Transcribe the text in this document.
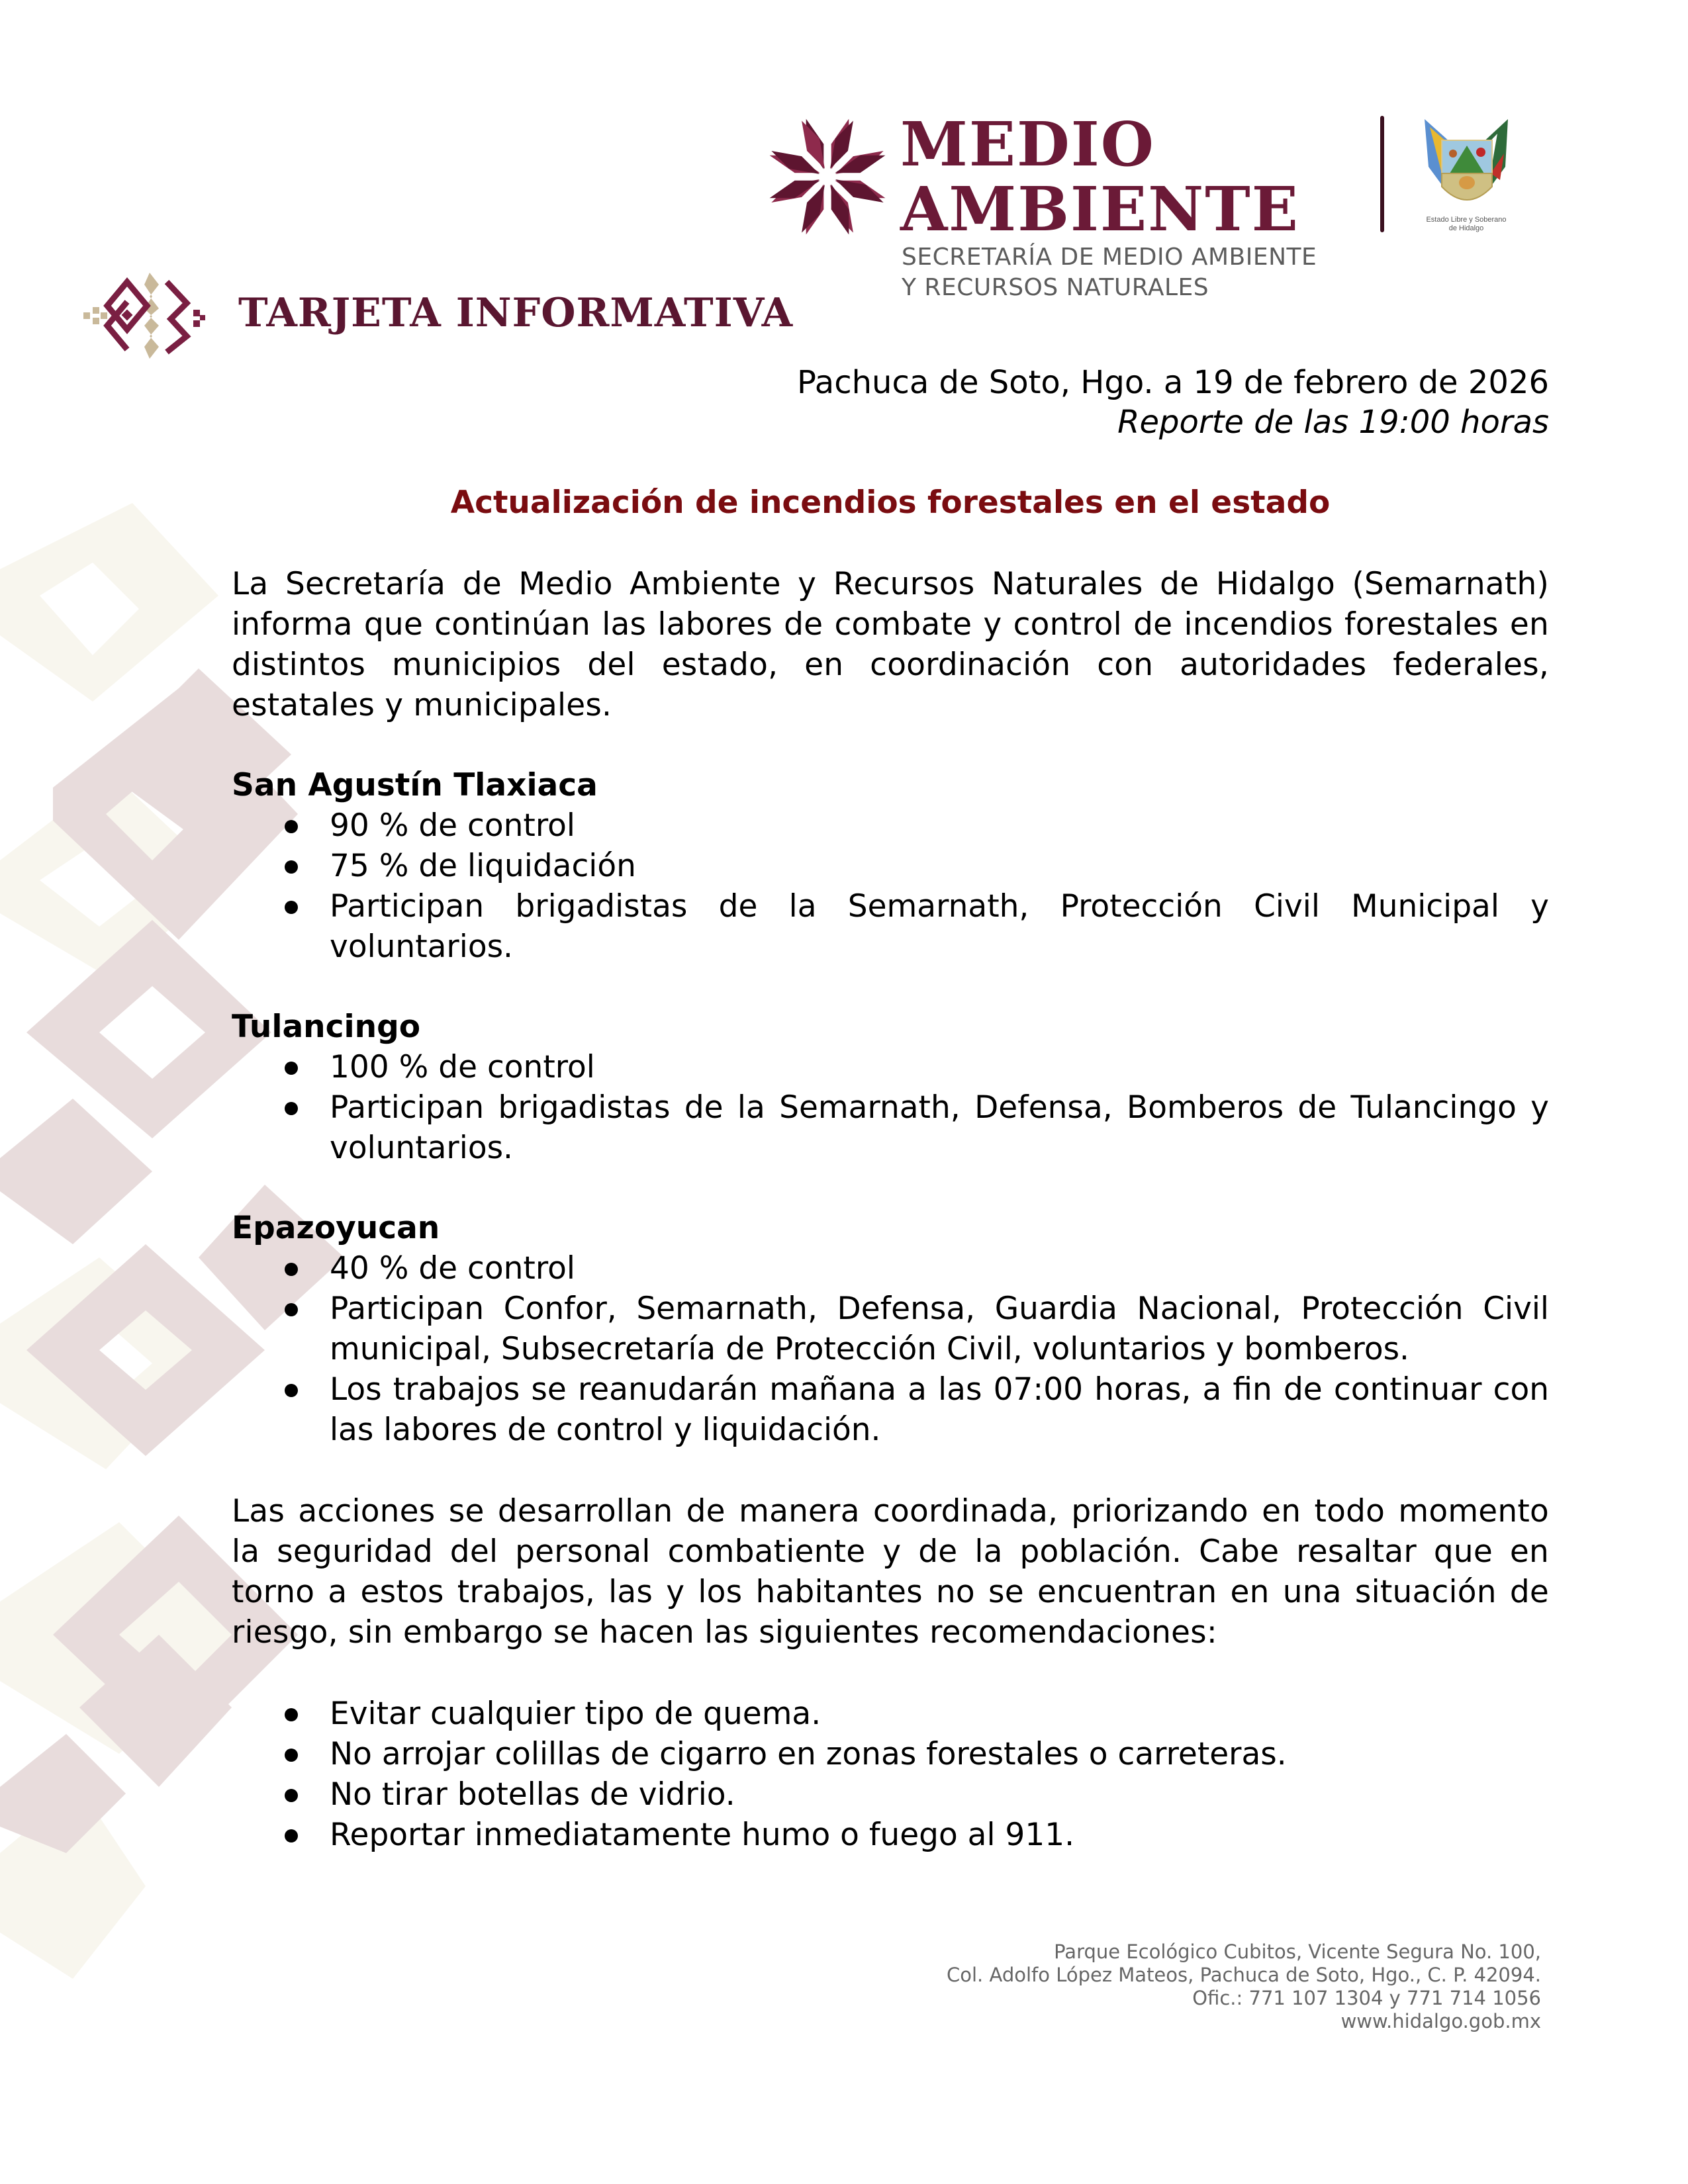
MEDIO
AMBIENTE
SECRETARÍA DE MEDIO AMBIENTE
Y RECURSOS NATURALES
Estado Libre y Soberano
de Hidalgo
TARJETA INFORMATIVA
Pachuca de Soto, Hgo. a 19 de febrero de 2026
Reporte de las 19:00 horas
Actualización de incendios forestales en el estado

La Secretaría de Medio Ambiente y Recursos Naturales de Hidalgo (Semarnath) informa que continúan las labores de combate y control de incendios forestales en distintos municipios del estado, en coordinación con autoridades federales, estatales y municipales.

San Agustín Tlaxiaca
90 % de control
75 % de liquidación
Participan brigadistas de la Semarnath, Protección Civil Municipal y voluntarios.
Tulancingo
100 % de control
Participan brigadistas de la Semarnath, Defensa, Bomberos de Tulancingo y voluntarios.
Epazoyucan
40 % de control
Participan Confor, Semarnath, Defensa, Guardia Nacional, Protección Civil municipal, Subsecretaría de Protección Civil, voluntarios y bomberos.
Los trabajos se reanudarán mañana a las 07:00 horas, a fin de continuar con las labores de control y liquidación.

Las acciones se desarrollan de manera coordinada, priorizando en todo momento la seguridad del personal combatiente y de la población. Cabe resaltar que en torno a estos trabajos, las y los habitantes no se encuentran en una situación de riesgo, sin embargo se hacen las siguientes recomendaciones:

Evitar cualquier tipo de quema.
No arrojar colillas de cigarro en zonas forestales o carreteras.
No tirar botellas de vidrio.
Reportar inmediatamente humo o fuego al 911.
Parque Ecológico Cubitos, Vicente Segura No. 100,
Col. Adolfo López Mateos, Pachuca de Soto, Hgo., C. P. 42094.
Ofic.: 771 107 1304 y 771 714 1056
www.hidalgo.gob.mx
